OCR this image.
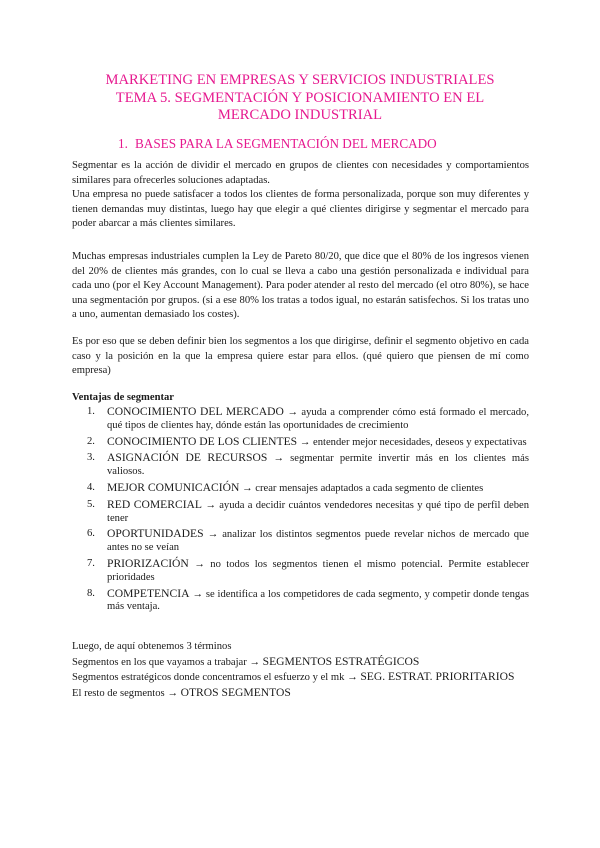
MARKETING EN EMPRESAS Y SERVICIOS INDUSTRIALES
TEMA 5. SEGMENTACIÓN Y POSICIONAMIENTO EN EL
MERCADO INDUSTRIAL
1. BASES PARA LA SEGMENTACIÓN DEL MERCADO

Segmentar es la acción de dividir el mercado en grupos de clientes con necesidades y comportamientos similares para ofrecerles soluciones adaptadas.

Una empresa no puede satisfacer a todos los clientes de forma personalizada, porque son muy diferentes y tienen demandas muy distintas, luego hay que elegir a qué clientes dirigirse y segmentar el mercado para poder abarcar a más clientes similares.

Muchas empresas industriales cumplen la Ley de Pareto 80/20, que dice que el 80% de los ingresos vienen del 20% de clientes más grandes, con lo cual se lleva a cabo una gestión personalizada e individual para cada uno (por el Key Account Management). Para poder atender al resto del mercado (el otro 80%), se hace una segmentación por grupos. (si a ese 80% los tratas a todos igual, no estarán satisfechos. Si los tratas uno a uno, aumentan demasiado los costes).

Es por eso que se deben definir bien los segmentos a los que dirigirse, definir el segmento objetivo en cada caso y la posición en la que la empresa quiere estar para ellos. (qué quiero que piensen de mí como empresa)

Ventajas de segmentar
1. CONOCIMIENTO DEL MERCADO → ayuda a comprender cómo está formado el mercado, qué tipos de clientes hay, dónde están las oportunidades de crecimiento
2. CONOCIMIENTO DE LOS CLIENTES → entender mejor necesidades, deseos y expectativas
3. ASIGNACIÓN DE RECURSOS → segmentar permite invertir más en los clientes más valiosos.
4. MEJOR COMUNICACIÓN → crear mensajes adaptados a cada segmento de clientes
5. RED COMERCIAL → ayuda a decidir cuántos vendedores necesitas y qué tipo de perfil deben tener
6. OPORTUNIDADES → analizar los distintos segmentos puede revelar nichos de mercado que antes no se veían
7. PRIORIZACIÓN → no todos los segmentos tienen el mismo potencial. Permite establecer prioridades
8. COMPETENCIA → se identifica a los competidores de cada segmento, y competir donde tengas más ventaja.
Luego, de aquí obtenemos 3 términos
Segmentos en los que vayamos a trabajar → SEGMENTOS ESTRATÉGICOS
Segmentos estratégicos donde concentramos el esfuerzo y el mk → SEG. ESTRAT. PRIORITARIOS
El resto de segmentos → OTROS SEGMENTOS
